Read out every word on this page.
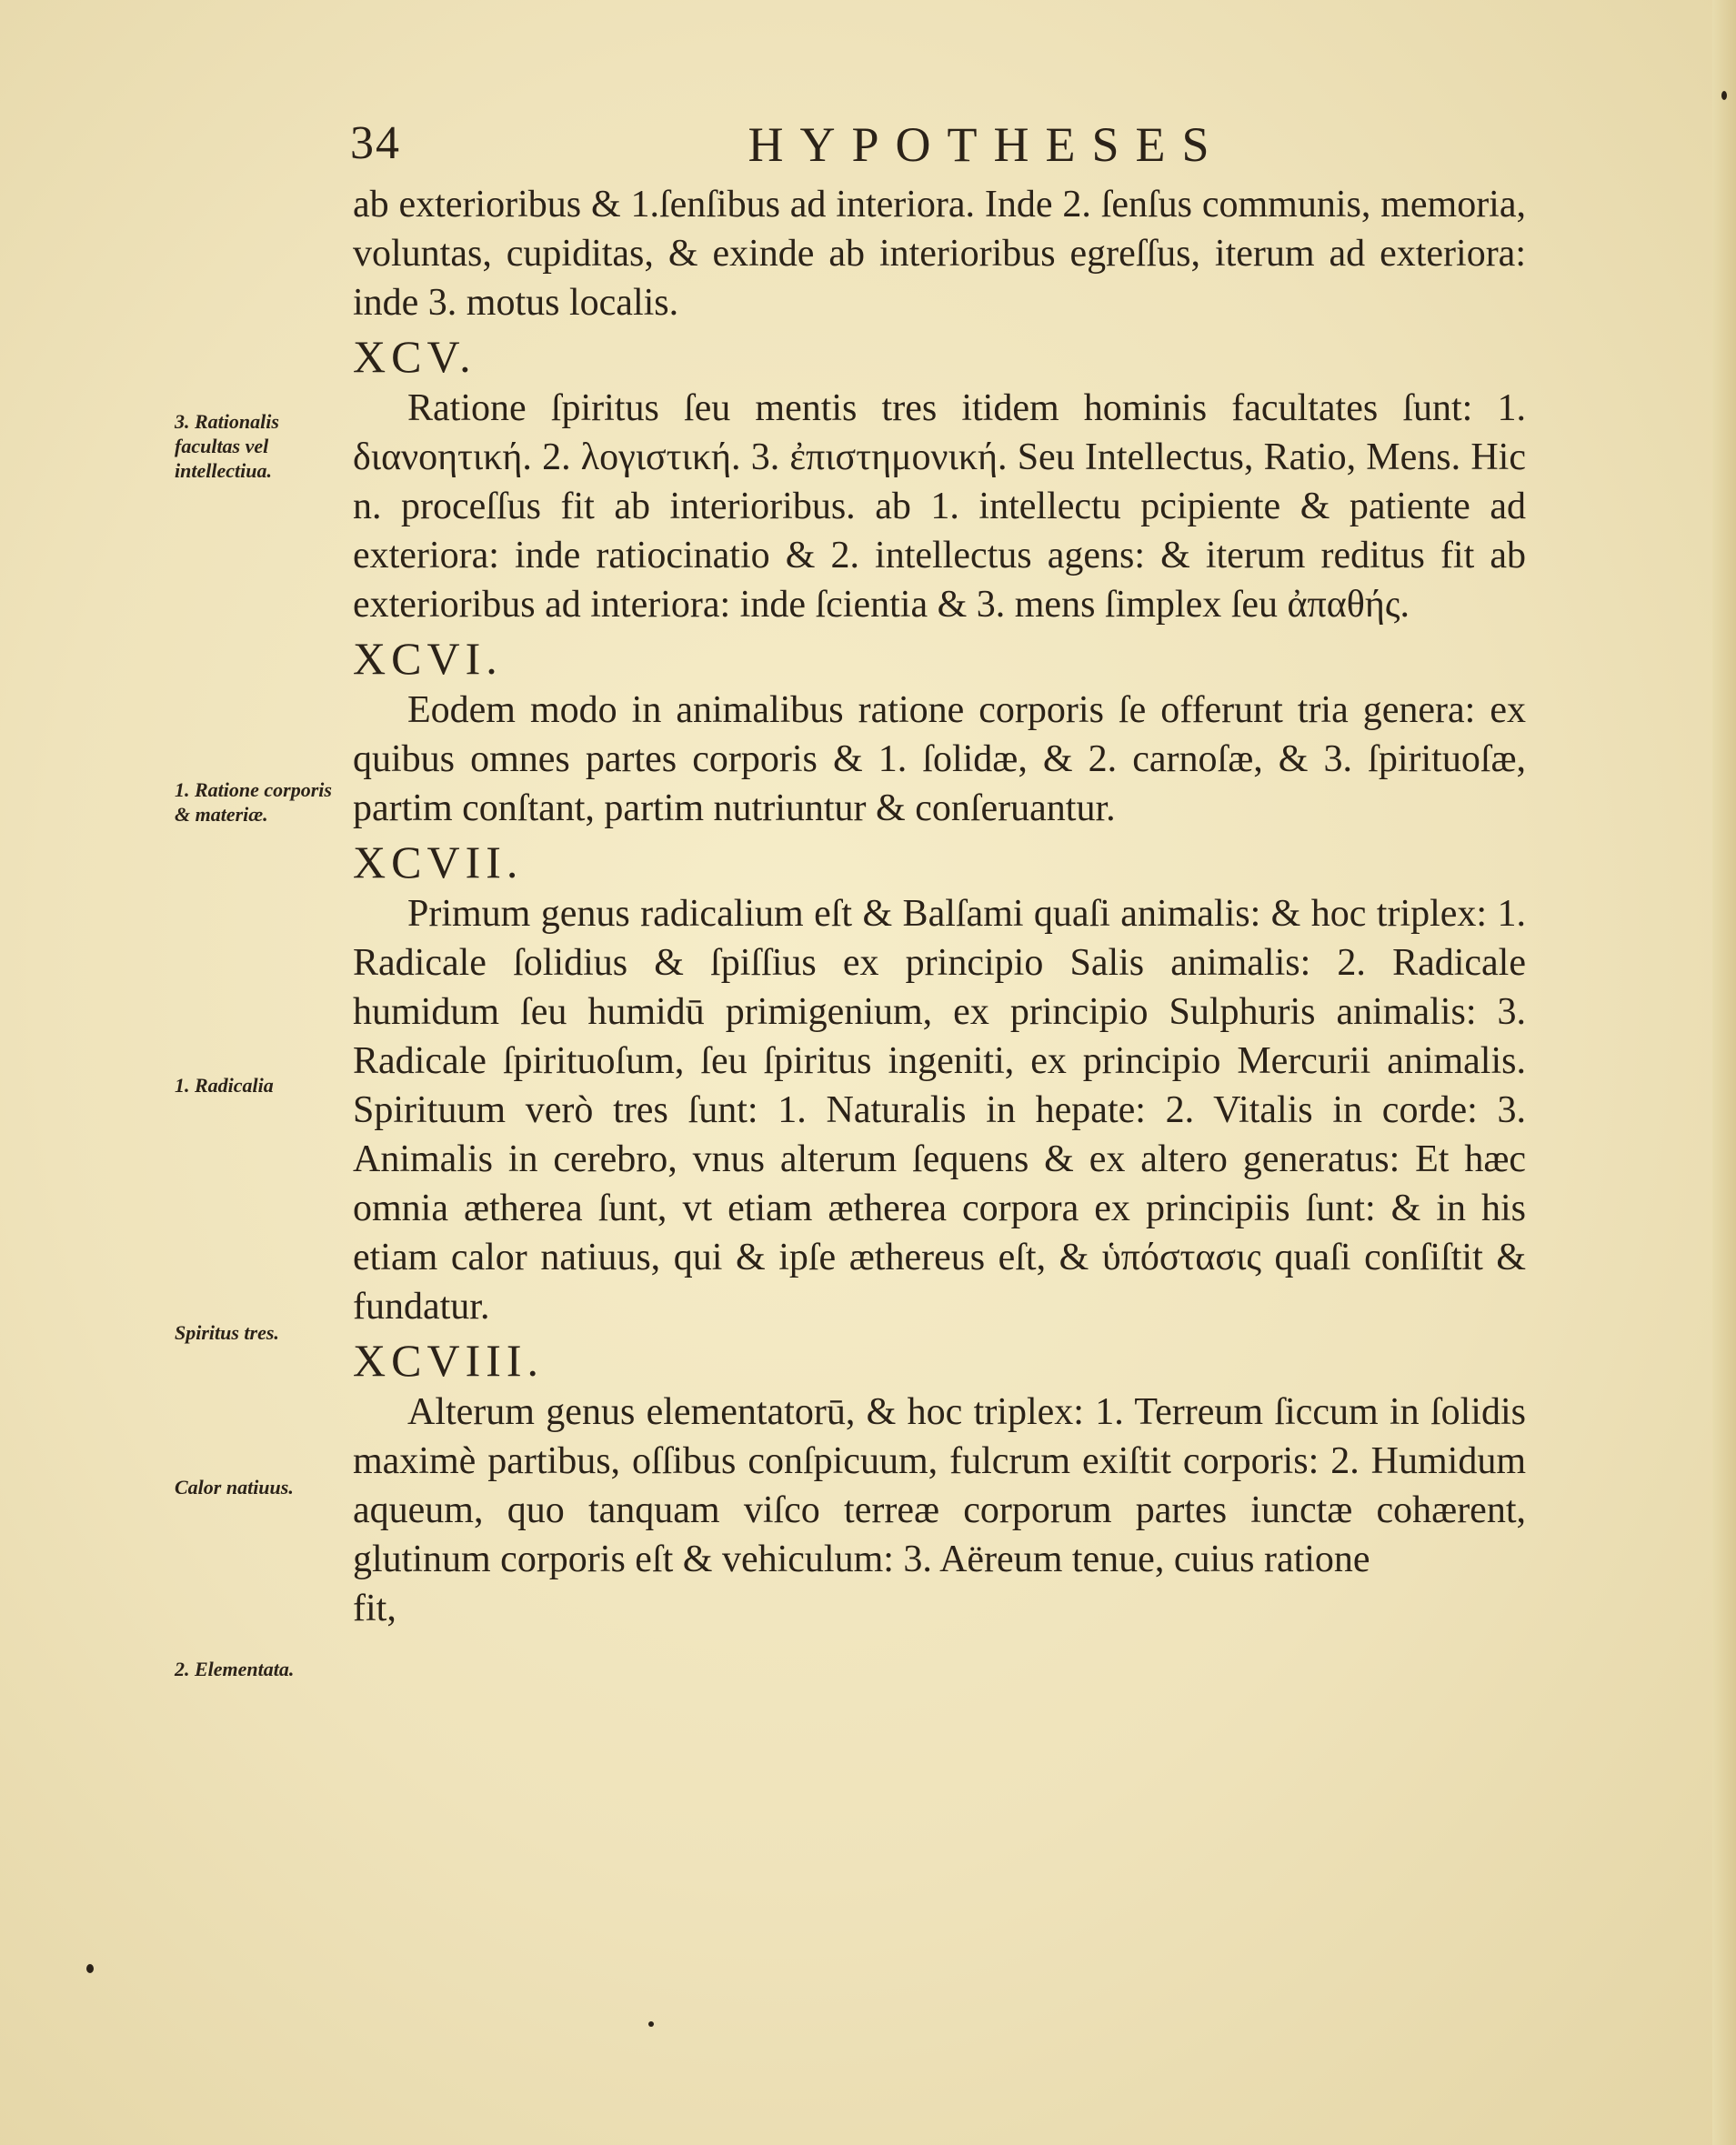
34	HYPOTHESES

ab exterioribus & 1.ſenſibus ad interiora. Inde 2. ſenſus communis, memoria, voluntas, cupiditas, & exinde ab interioribus egreſſus, iterum ad exteriora: inde 3. motus localis.

XCV.

Ratione ſpiritus ſeu mentis tres itidem hominis facultates ſunt: 1. διανοητική. 2. λογιστική. 3. ἐπιστημονική. Seu Intellectus, Ratio, Mens. Hic n. proceſſus fit ab interioribus. ab 1. intellectu pcipiente & patiente ad exteriora: inde ratiocinatio & 2. intellectus agens: & iterum reditus fit ab exterioribus ad interiora: inde ſcientia & 3. mens ſimplex ſeu ἀπαθής.

XCVI.

Eodem modo in animalibus ratione corporis ſe offerunt tria genera: ex quibus omnes partes corporis & 1. ſolidæ, & 2. carnoſæ, & 3. ſpirituoſæ, partim conſtant, partim nutriuntur & conſeruantur.

XCVII.

Primum genus radicalium eſt & Balſami quaſi animalis: & hoc triplex: 1. Radicale ſolidius & ſpiſſius ex principio Salis animalis: 2. Radicale humidum ſeu humidū primigenium, ex principio Sulphuris animalis: 3. Radicale ſpirituoſum, ſeu ſpiritus ingeniti, ex principio Mercurii animalis. Spirituum verò tres ſunt: 1. Naturalis in hepate: 2. Vitalis in corde: 3. Animalis in cerebro, vnus alterum ſequens & ex altero generatus: Et hæc omnia ætherea ſunt, vt etiam ætherea corpora ex principiis ſunt: & in his etiam calor natiuus, qui & ipſe æthereus eſt, & ὑπόστασις quaſi conſiſtit & fundatur.

XCVIII.

Alterum genus elementatorū, & hoc triplex: 1. Terreum ſiccum in ſolidis maximè partibus, oſſibus conſpicuum, fulcrum exiſtit corporis: 2. Humidum aqueum, quo tanquam viſco terreæ corporum partes iunctæ cohærent, glutinum corporis eſt & vehiculum: 3. Aëreum tenue, cuius ratione

fit,

3. Rationalis facultas vel intellectiua.
1. Ratione corporis & materiæ.
1. Radicalia
Spiritus tres.
Calor natiuus.
2. Elementata.
